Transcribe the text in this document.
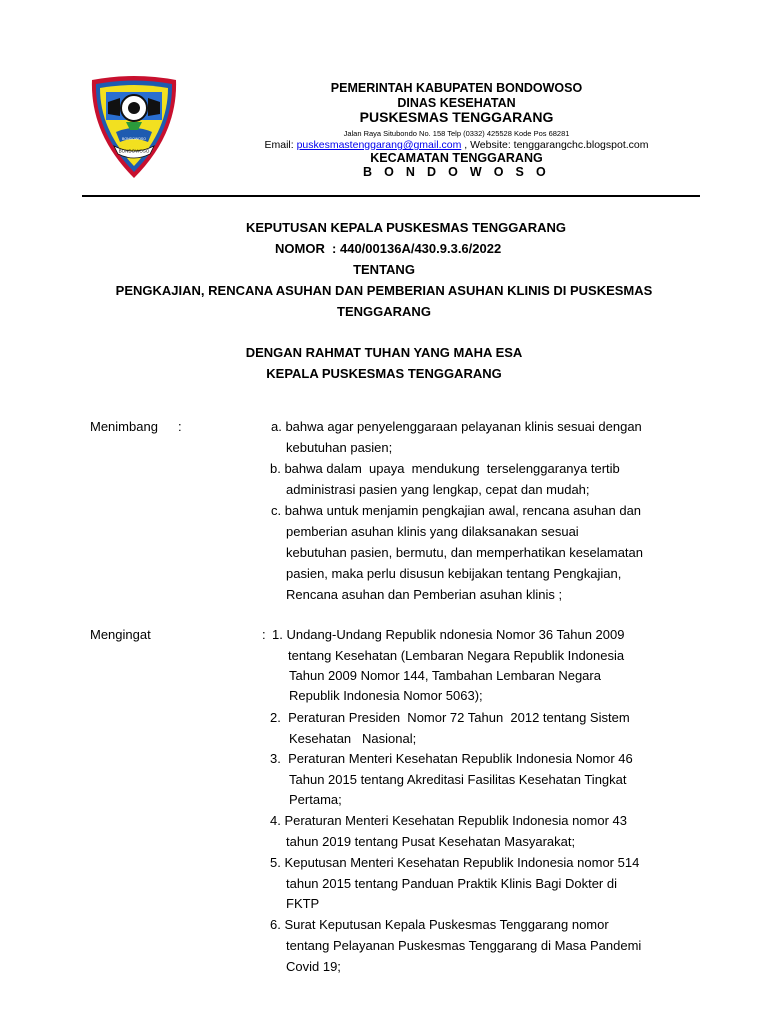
BONDOWOSO
BONDOWOSO
PEMERINTAH KABUPATEN BONDOWOSO
DINAS KESEHATAN
PUSKESMAS TENGGARANG
Jalan Raya Situbondo No. 158 Telp (0332) 425528 Kode Pos 68281
Email: puskesmastenggarang@gmail.com , Website: tenggarangchc.blogspot.com
KECAMATAN TENGGARANG
B O N D O W O S O
KEPUTUSAN KEPALA PUSKESMAS TENGGARANG
NOMOR  : 440/00136A/430.9.3.6/2022
TENTANG
PENGKAJIAN, RENCANA ASUHAN DAN PEMBERIAN ASUHAN KLINIS DI PUSKESMAS
TENGGARANG
DENGAN RAHMAT TUHAN YANG MAHA ESA
KEPALA PUSKESMAS TENGGARANG
Menimbang :	a. bahwa agar penyelenggaraan pelayanan klinis sesuai dengan
kebutuhan pasien;
b. bahwa dalam  upaya  mendukung  terselenggaranya tertib
administrasi pasien yang lengkap, cepat dan mudah;
c. bahwa untuk menjamin pengkajian awal, rencana asuhan dan
pemberian asuhan klinis yang dilaksanakan sesuai
kebutuhan pasien, bermutu, dan memperhatikan keselamatan
pasien, maka perlu disusun kebijakan tentang Pengkajian,
Rencana asuhan dan Pemberian asuhan klinis ;
Mengingat	: 1. Undang-Undang Republik ndonesia Nomor 36 Tahun 2009
tentang Kesehatan (Lembaran Negara Republik Indonesia
Tahun 2009 Nomor 144, Tambahan Lembaran Negara
Republik Indonesia Nomor 5063);
2.  Peraturan Presiden  Nomor 72 Tahun  2012 tentang Sistem
Kesehatan   Nasional;
3.  Peraturan Menteri Kesehatan Republik Indonesia Nomor 46
Tahun 2015 tentang Akreditasi Fasilitas Kesehatan Tingkat
Pertama;
4. Peraturan Menteri Kesehatan Republik Indonesia nomor 43
tahun 2019 tentang Pusat Kesehatan Masyarakat;
5. Keputusan Menteri Kesehatan Republik Indonesia nomor 514
tahun 2015 tentang Panduan Praktik Klinis Bagi Dokter di
FKTP
6. Surat Keputusan Kepala Puskesmas Tenggarang nomor
tentang Pelayanan Puskesmas Tenggarang di Masa Pandemi
Covid 19;
